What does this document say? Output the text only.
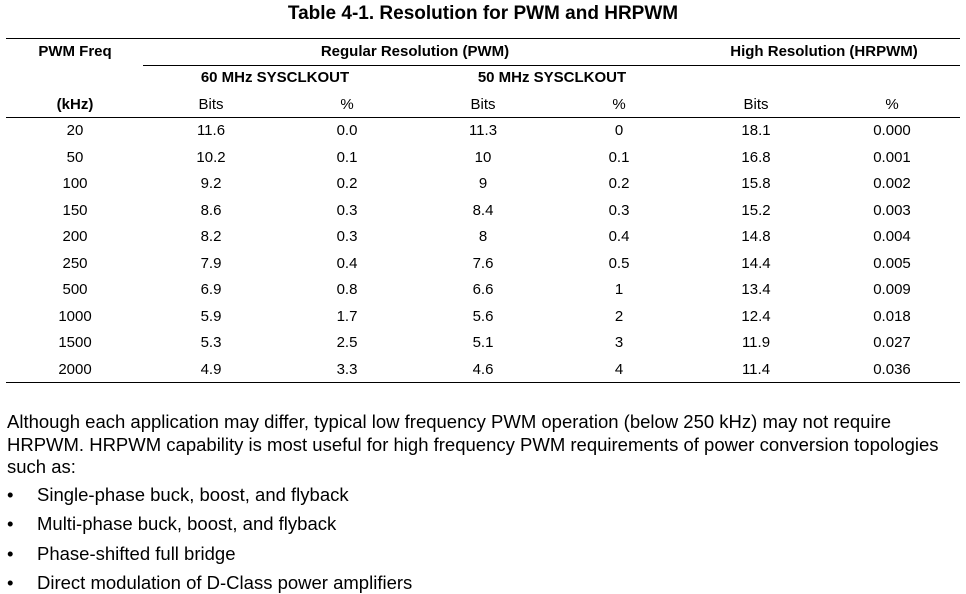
Table 4-1. Resolution for PWM and HRPWM
PWM Freq	Regular Resolution (PWM)	High Resolution (HRPWM)
60 MHz SYSCLKOUT	50 MHz SYSCLKOUT
(kHz)	Bits	%	Bits	%	Bits	%
20	11.6	0.0	11.3	0	18.1	0.000
50	10.2	0.1	10	0.1	16.8	0.001
100	9.2	0.2	9	0.2	15.8	0.002
150	8.6	0.3	8.4	0.3	15.2	0.003
200	8.2	0.3	8	0.4	14.8	0.004
250	7.9	0.4	7.6	0.5	14.4	0.005
500	6.9	0.8	6.6	1	13.4	0.009
1000	5.9	1.7	5.6	2	12.4	0.018
1500	5.3	2.5	5.1	3	11.9	0.027
2000	4.9	3.3	4.6	4	11.4	0.036
Although each application may differ, typical low frequency PWM operation (below 250 kHz) may not require HRPWM. HRPWM capability is most useful for high frequency PWM requirements of power conversion topologies such as:
• Single-phase buck, boost, and flyback
• Multi-phase buck, boost, and flyback
• Phase-shifted full bridge
• Direct modulation of D-Class power amplifiers
